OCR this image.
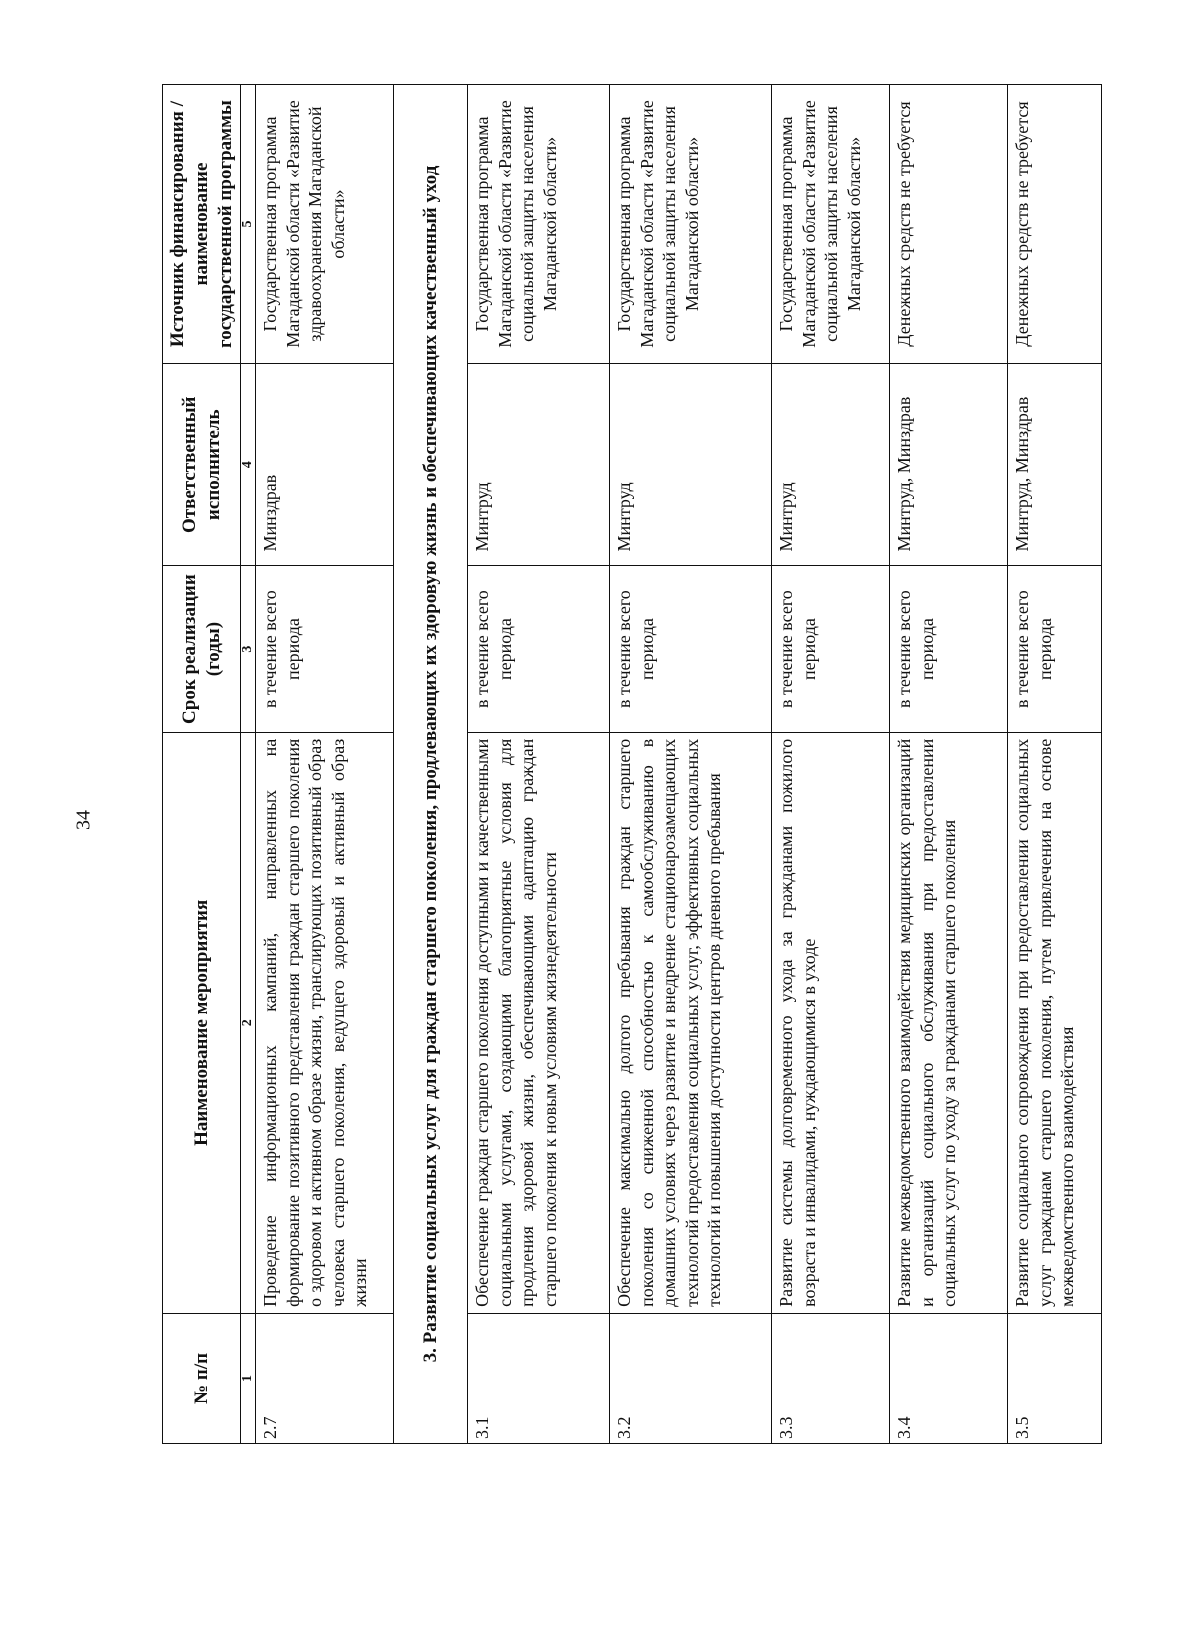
34
№ п/п	Наименование мероприятия	Срок реализации (годы)	Ответственный исполнитель	Источник финансирования / наименование государственной программы
1	2	3	4	5
2.7	Проведение информационных кампаний, направленных на формирование позитивного представления граждан старшего поколения о здоровом и активном образе жизни, транслирующих позитивный образ человека старшего поколения, ведущего здоровый и активный образ жизни	в течение всего периода	Минздрав	Государственная программа Магаданской области «Развитие здравоохранения Магаданской области»
3. Развитие социальных услуг для граждан старшего поколения, продлевающих их здоровую жизнь и обеспечивающих качественный уход				
3.1	Обеспечение граждан старшего поколения доступными и качественными социальными услугами, создающими благоприятные условия для продления здоровой жизни, обеспечивающими адаптацию граждан старшего поколения к новым условиям жизнедеятельности	в течение всего периода	Минтруд	Государственная программа Магаданской области «Развитие социальной защиты населения Магаданской области»
3.2	Обеспечение максимально долгого пребывания граждан старшего поколения со сниженной способностью к самообслуживанию в домашних условиях через развитие и внедрение стационарозамещающих технологий предоставления социальных услуг, эффективных социальных технологий и повышения доступности центров дневного пребывания	в течение всего периода	Минтруд	Государственная программа Магаданской области «Развитие социальной защиты населения Магаданской области»
3.3	Развитие системы долговременного ухода за гражданами пожилого возраста и инвалидами, нуждающимися в уходе	в течение всего периода	Минтруд	Государственная программа Магаданской области «Развитие социальной защиты населения Магаданской области»
3.4	Развитие межведомственного взаимодействия медицинских организаций и организаций социального обслуживания при предоставлении социальных услуг по уходу за гражданами старшего поколения	в течение всего периода	Минтруд, Минздрав	Денежных средств не требуется
3.5	Развитие социального сопровождения при предоставлении социальных услуг гражданам старшего поколения, путем привлечения на основе межведомственного взаимодействия	в течение всего периода	Минтруд, Минздрав	Денежных средств не требуется
